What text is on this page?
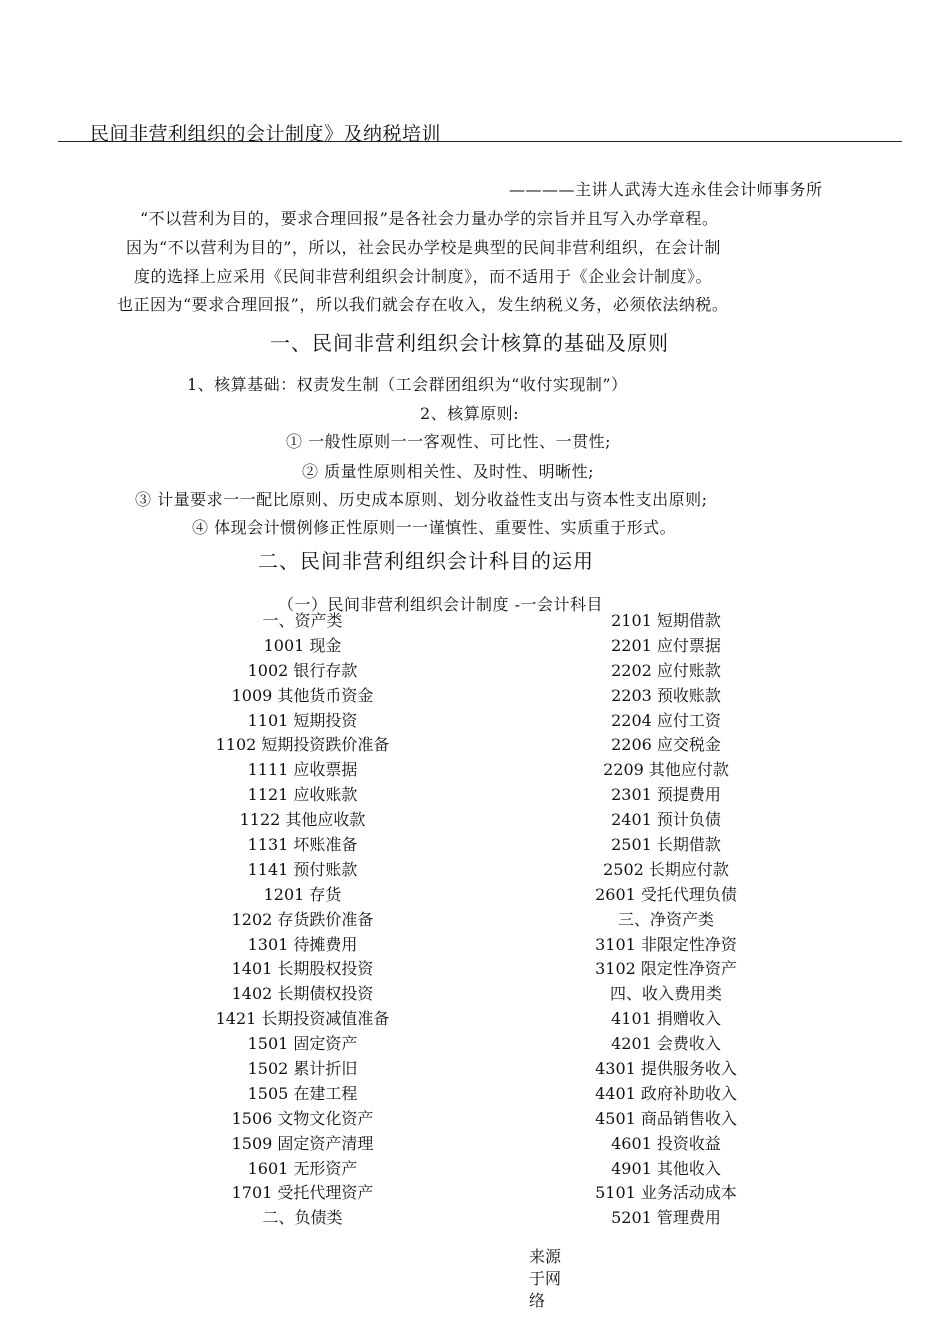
民间非营利组织的会计制度》及纳税培训
————主讲人武涛大连永佳会计师事务所
“不以营利为目的，要求合理回报”是各社会力量办学的宗旨并且写入办学章程。
因为“不以营利为目的”，所以，社会民办学校是典型的民间非营利组织，在会计制
度的选择上应采用《民间非营利组织会计制度》，而不适用于《企业会计制度》。
也正因为“要求合理回报”，所以我们就会存在收入，发生纳税义务，必须依法纳税。
一、民间非营利组织会计核算的基础及原则
1、核算基础：权责发生制（工会群团组织为“收付实现制”）
2、核算原则:
① 一般性原则一一客观性、可比性、一贯性;
② 质量性原则相关性、及时性、明晰性;
③ 计量要求一一配比原则、历史成本原则、划分收益性支出与资本性支出原则;
④ 体现会计惯例修正性原则一一谨慎性、重要性、实质重于形式。
二、民间非营利组织会计科目的运用
（一）民间非营利组织会计制度 -一会计科目
一、资产类
1001 现金
1002 银行存款
1009 其他货币资金
1101 短期投资
1102 短期投资跌价准备
1111 应收票据
1121 应收账款
1122 其他应收款
1131 坏账准备
1141 预付账款
1201 存货
1202 存货跌价准备
1301 待摊费用
1401 长期股权投资
1402 长期债权投资
1421 长期投资减值准备
1501 固定资产
1502 累计折旧
1505 在建工程
1506 文物文化资产
1509 固定资产清理
1601 无形资产
1701 受托代理资产
二、负债类
2101 短期借款
2201 应付票据
2202 应付账款
2203 预收账款
2204 应付工资
2206 应交税金
2209 其他应付款
2301 预提费用
2401 预计负债
2501 长期借款
2502 长期应付款
2601 受托代理负债
三、净资产类
3101 非限定性净资
3102 限定性净资产
四、收入费用类
4101 捐赠收入
4201 会费收入
4301 提供服务收入
4401 政府补助收入
4501 商品销售收入
4601 投资收益
4901 其他收入
5101 业务活动成本
5201 管理费用
来源于网络
